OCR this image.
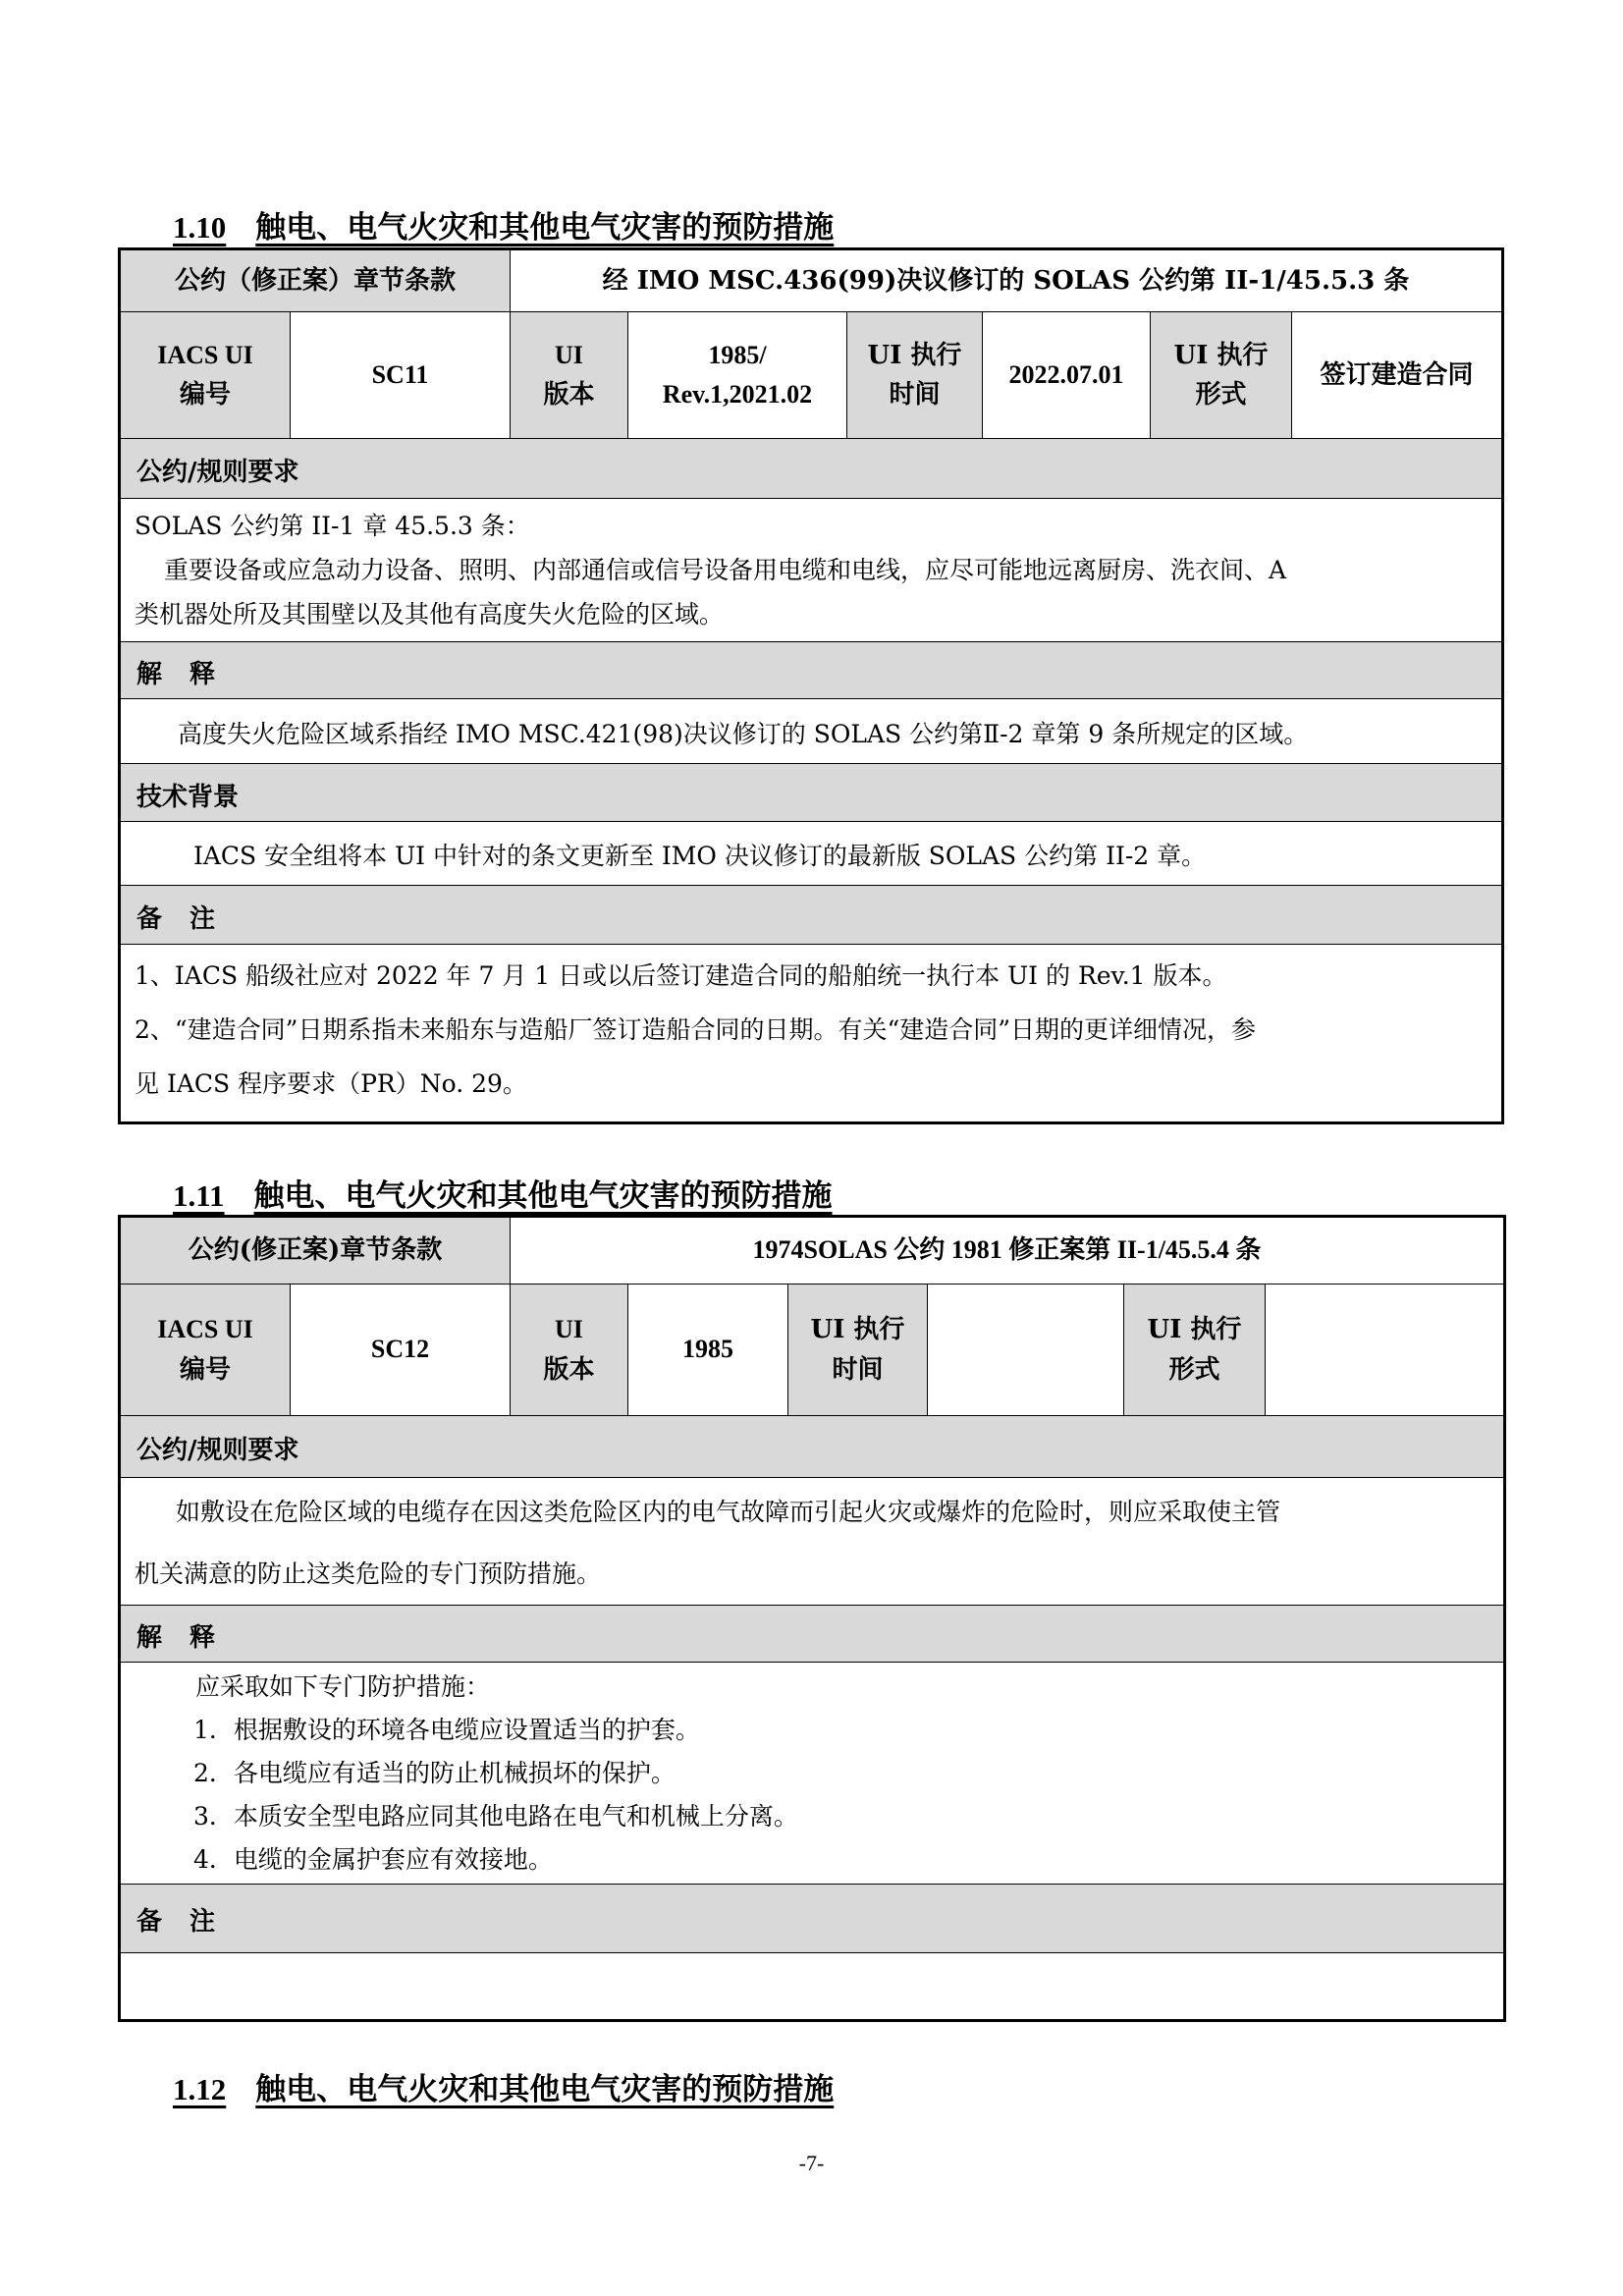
1.10 触电、电气火灾和其他电气灾害的预防措施
公约（修正案）章节条款	经 IMO MSC.436(99)决议修订的 SOLAS 公约第 II-1/45.5.3 条
IACS UI
编号
SC11
UI
版本
1985/
Rev.1,2021.02
UI 执行
时间
2022.07.01
UI 执行
形式
签订建造合同
公约/规则要求
SOLAS 公约第 II-1 章 45.5.3 条：
重要设备或应急动力设备、照明、内部通信或信号设备用电缆和电线，应尽可能地远离厨房、洗衣间、A
类机器处所及其围壁以及其他有高度失火危险的区域。
解释
高度失火危险区域系指经 IMO MSC.421(98)决议修订的 SOLAS 公约第Ⅱ-2 章第 9 条所规定的区域。
技术背景
IACS 安全组将本 UI 中针对的条文更新至 IMO 决议修订的最新版 SOLAS 公约第 II-2 章。
备注
1、IACS 船级社应对 2022 年 7 月 1 日或以后签订建造合同的船舶统一执行本 UI 的 Rev.1 版本。
2、“建造合同”日期系指未来船东与造船厂签订造船合同的日期。有关“建造合同”日期的更详细情况，参
见 IACS 程序要求（PR）No. 29。
1.11 触电、电气火灾和其他电气灾害的预防措施
公约(修正案)章节条款	1974SOLAS 公约 1981 修正案第 II-1/45.5.4 条
IACS UI
编号
SC12
UI
版本
1985
UI 执行
时间
UI 执行
形式
公约/规则要求
如敷设在危险区域的电缆存在因这类危险区内的电气故障而引起火灾或爆炸的危险时，则应采取使主管
机关满意的防止这类危险的专门预防措施。
解释
应采取如下专门防护措施：
1．根据敷设的环境各电缆应设置适当的护套。
2．各电缆应有适当的防止机械损坏的保护。
3．本质安全型电路应同其他电路在电气和机械上分离。
4．电缆的金属护套应有效接地。
备注
1.12 触电、电气火灾和其他电气灾害的预防措施
-7-
